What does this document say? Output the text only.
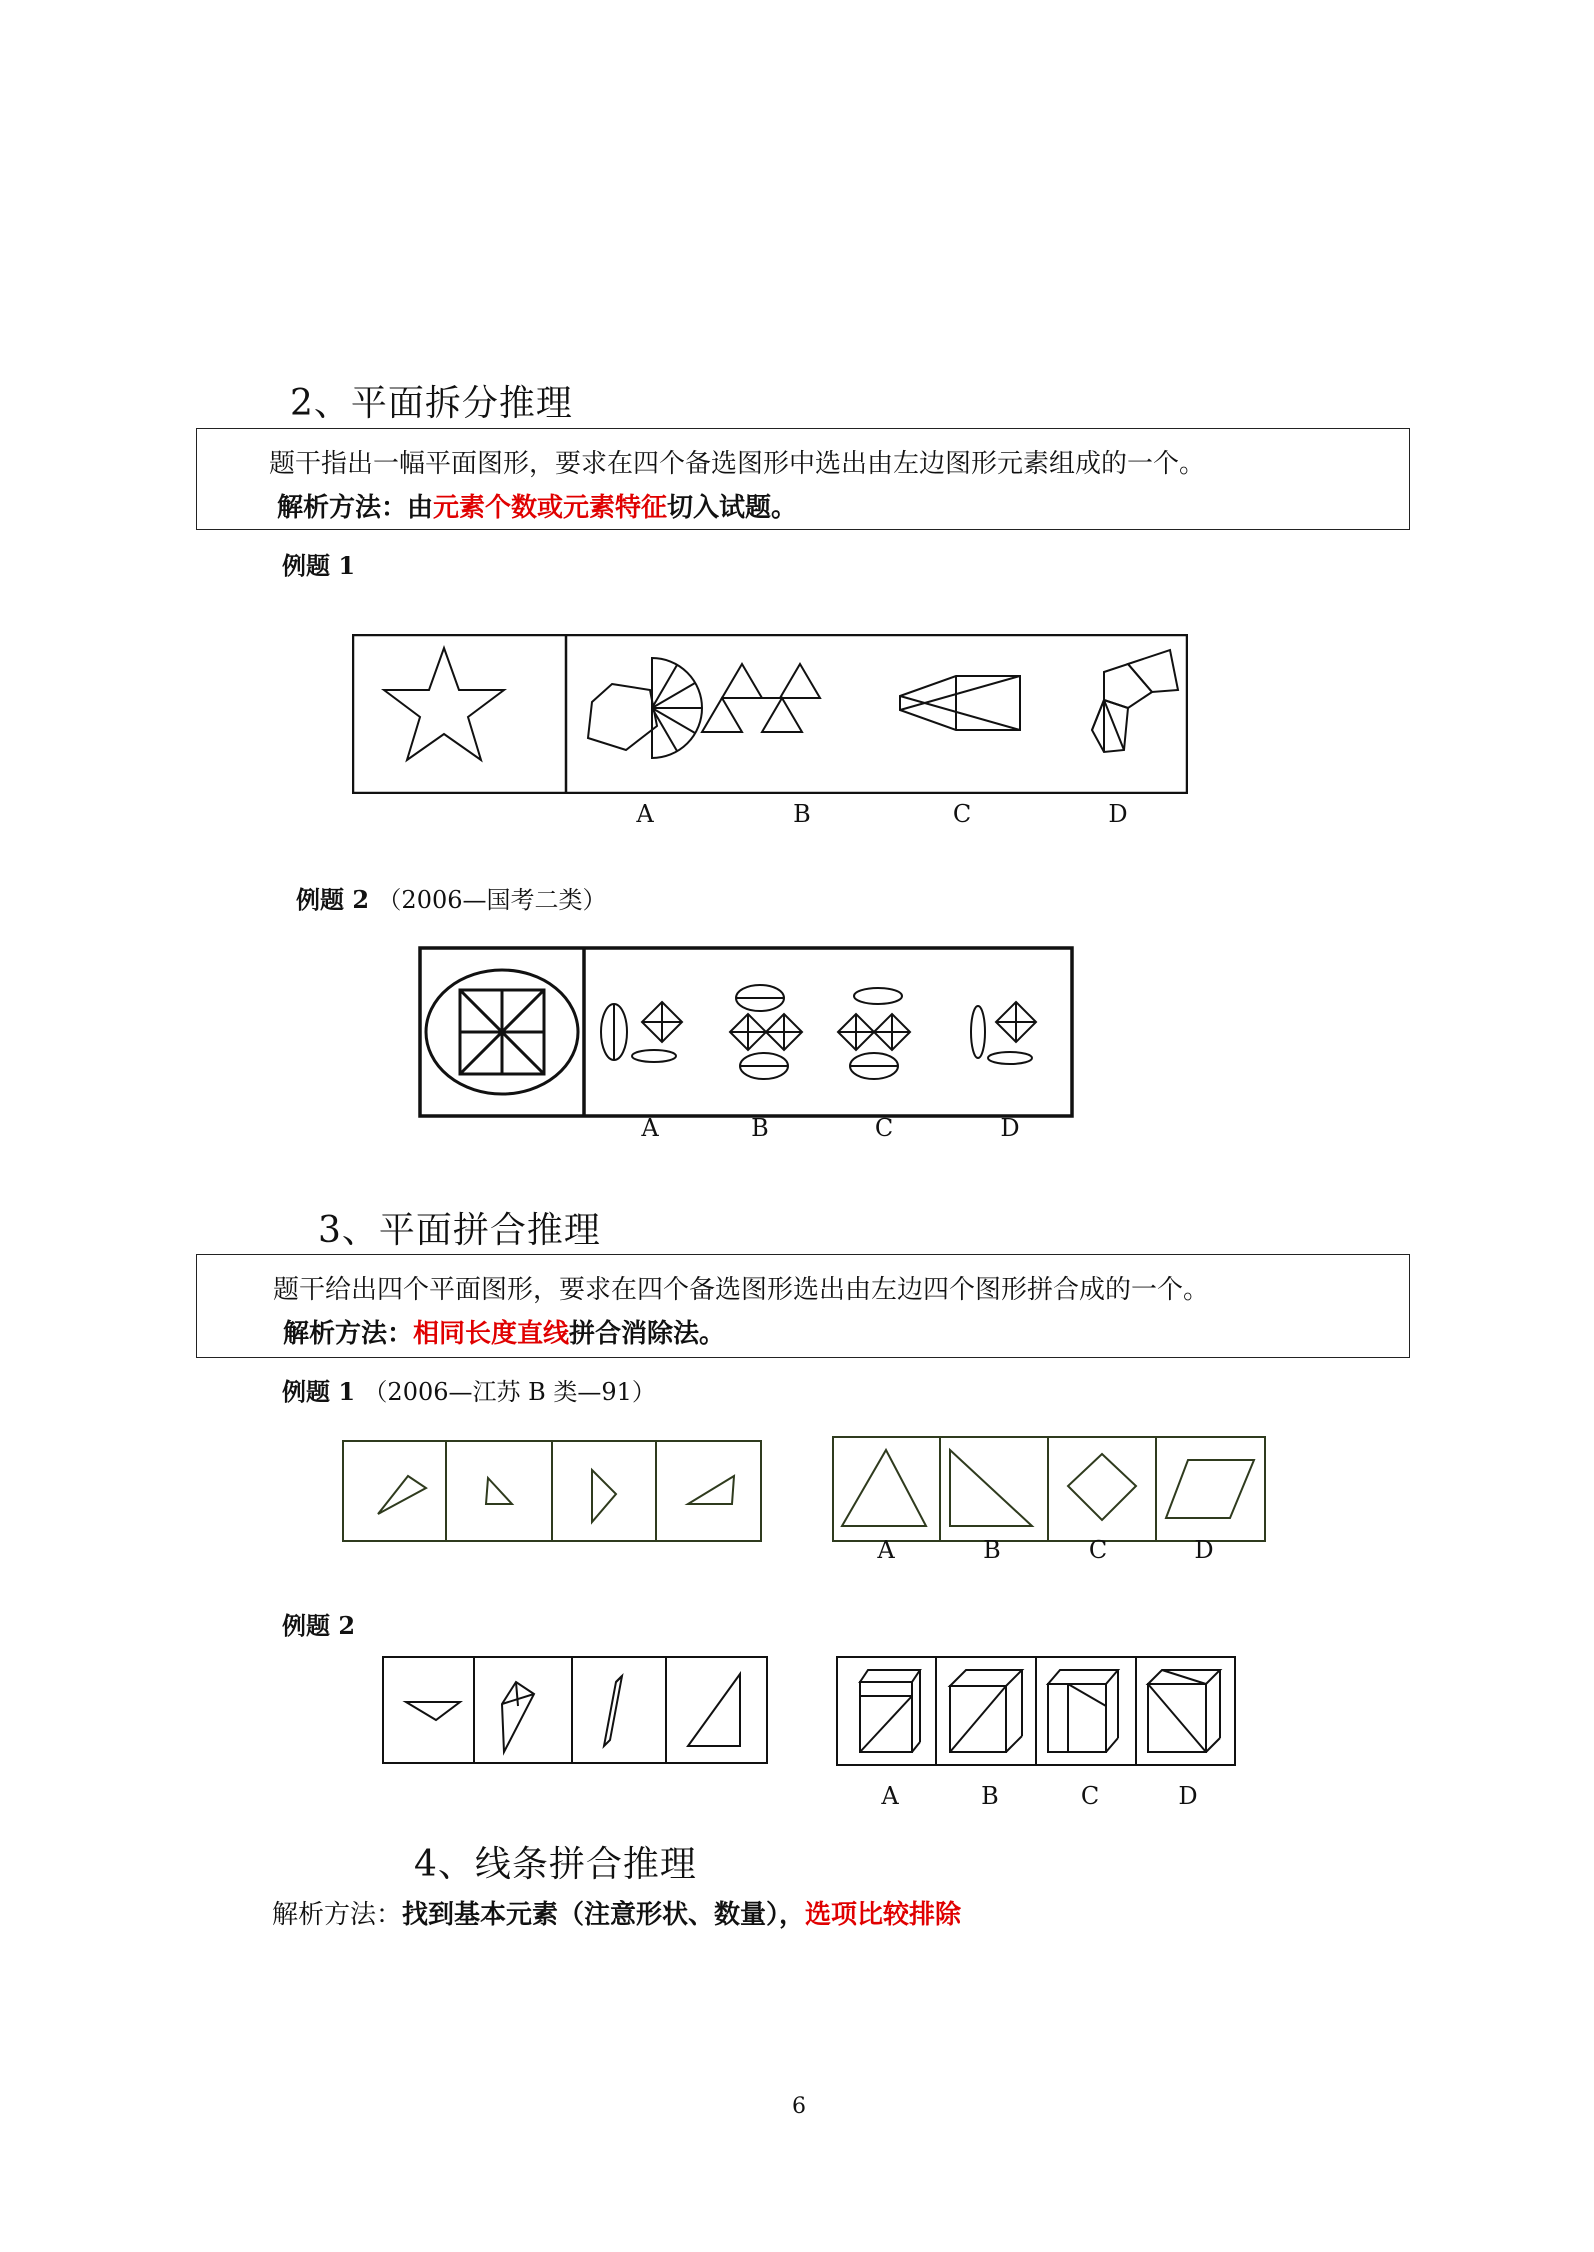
2、平面拆分推理
题干指出一幅平面图形，要求在四个备选图形中选出由左边图形元素组成的一个。
解析方法：由元素个数或元素特征切入试题。
例题 1
A	B	C	D
例题 2 （2006—国考二类）
A	B	C	D
3、平面拼合推理
题干给出四个平面图形，要求在四个备选图形选出由左边四个图形拼合成的一个。
解析方法：相同长度直线拼合消除法。
例题 1 （2006—江苏 B 类—91）
A	B	C	D
例题 2
A	B	C	D
4、线条拼合推理
解析方法：找到基本元素（注意形状、数量），选项比较排除
6
